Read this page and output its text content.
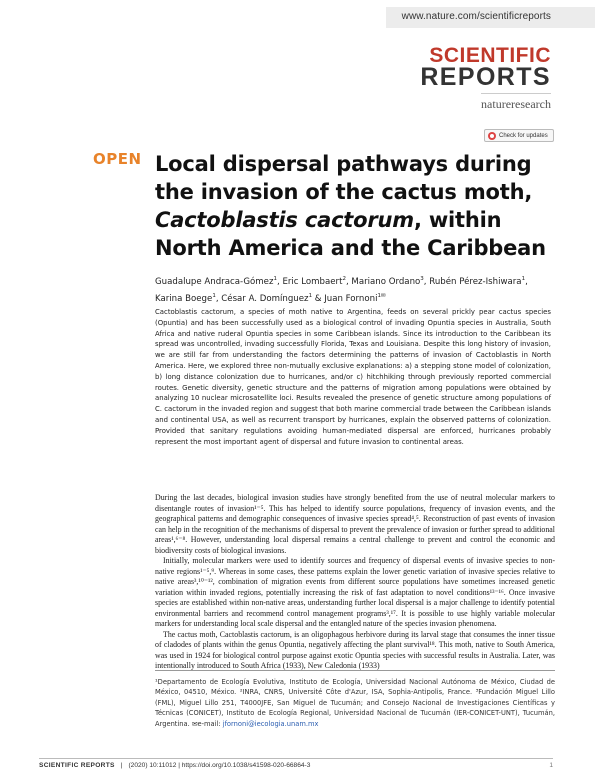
www.nature.com/scientificreports
SCIENTIFIC
REPORTS
natureresearch
Check for updates
OPEN Local dispersal pathways during the invasion of the cactus moth, Cactoblastis cactorum, within North America and the Caribbean
Guadalupe Andraca-Gómez$^1$, Eric Lombaert$^2$, Mariano Ordano$^3$, Rubén Pérez-Ishiwara$^1$, Karina Boege$^1$, César A. Domínguez$^1$ & Juan Fornoni$^{1✉}$
Cactoblastis cactorum, a species of moth native to Argentina, feeds on several prickly pear cactus species (Opuntia) and has been successfully used as a biological control of invading Opuntia species in Australia, South Africa and native ruderal Opuntia species in some Caribbean islands. Since its introduction to the Caribbean its spread was uncontrolled, invading successfully Florida, Texas and Louisiana. Despite this long history of invasion, we are still far from understanding the factors determining the patterns of invasion of Cactoblastis in North America. Here, we explored three non-mutually exclusive explanations: a) a stepping stone model of colonization, b) long distance colonization due to hurricanes, and/or c) hitchhiking through previously reported commercial routes. Genetic diversity, genetic structure and the patterns of migration among populations were obtained by analyzing 10 nuclear microsatellite loci. Results revealed the presence of genetic structure among populations of C. cactorum in the invaded region and suggest that both marine commercial trade between the Caribbean islands and continental USA, as well as recurrent transport by hurricanes, explain the observed patterns of colonization. Provided that sanitary regulations avoiding human-mediated dispersal are enforced, hurricanes probably represent the most important agent of dispersal and future invasion to continental areas.

During the last decades, biological invasion studies have strongly benefited from the use of neutral molecular markers to disentangle routes of invasion¹⁻⁵. This has helped to identify source populations, frequency of invasion events, and the geographical patterns and demographic consequences of invasive species spread⁴,⁵. Reconstruction of past events of invasion can help in the recognition of the mechanisms of dispersal to prevent the prevalence of invasion or further spread to additional areas¹,⁶⁻⁸. However, understanding local dispersal remains a central challenge to prevent and control the economic and biodiversity costs of biological invasions.

Initially, molecular markers were used to identify sources and frequency of dispersal events of invasive species to non-native regions¹⁻⁵,⁹. Whereas in some cases, these patterns explain the lower genetic variation of invasive species relative to native areas³,¹⁰⁻¹², combination of migration events from different source populations have sometimes increased genetic variation within invaded regions, potentially increasing the risk of fast adaptation to novel conditions¹³⁻¹⁶. Once invasive species are established within non-native areas, understanding further local dispersal is a major challenge to identify potential environmental barriers and recommend control management programs³,¹⁷. It is possible to use highly variable molecular markers for understanding local scale dispersal and the entangled nature of the species invasion phenomena.

The cactus moth, Cactoblastis cactorum, is an oligophagous herbivore during its larval stage that consumes the inner tissue of cladodes of plants within the genus Opuntia, negatively affecting the plant survival¹⁸. This moth, native to South America, was used in 1924 for biological control purpose against exotic Opuntia species with successful results in Australia. Later, was intentionally introduced to South Africa (1933), New Caledonia (1933)

¹Departamento de Ecología Evolutiva, Instituto de Ecología, Universidad Nacional Autónoma de México, Ciudad de México, 04510, México. ²INRA, CNRS, Université Côte d'Azur, ISA, Sophia-Antipolis, France. ³Fundación Miguel Lillo (FML), Miguel Lillo 251, T4000JFE, San Miguel de Tucumán; and Consejo Nacional de Investigaciones Científicas y Técnicas (CONICET), Instituto de Ecología Regional, Universidad Nacional de Tucumán (IER-CONICET-UNT), Tucumán, Argentina. ✉e-mail: jfornoni@iecologia.unam.mx
SCIENTIFIC REPORTS | (2020) 10:11012 | https://doi.org/10.1038/s41598-020-66864-3	1
